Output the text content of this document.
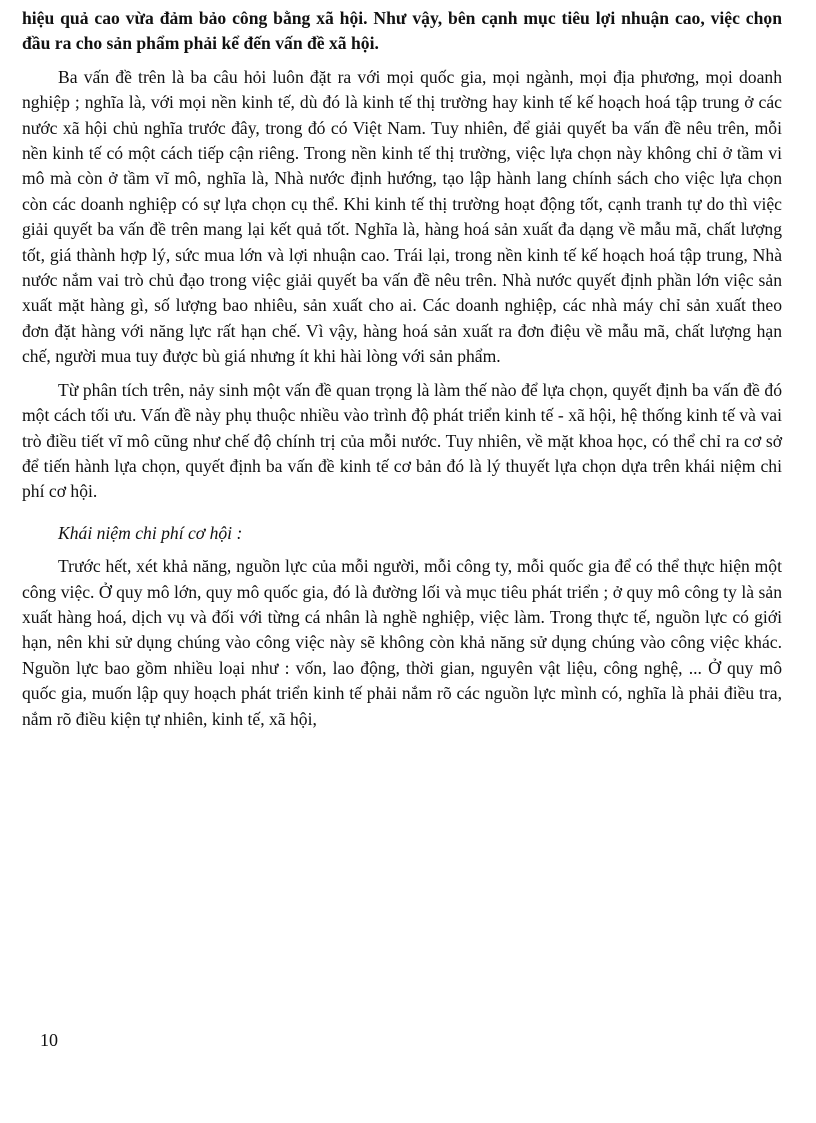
hiệu quả cao vừa đảm bảo công bằng xã hội. Như vậy, bên cạnh mục tiêu lợi nhuận cao, việc chọn đầu ra cho sản phẩm phải kể đến vấn đề xã hội.

Ba vấn đề trên là ba câu hỏi luôn đặt ra với mọi quốc gia, mọi ngành, mọi địa phương, mọi doanh nghiệp ; nghĩa là, với mọi nền kinh tế, dù đó là kinh tế thị trường hay kinh tế kế hoạch hoá tập trung ở các nước xã hội chủ nghĩa trước đây, trong đó có Việt Nam. Tuy nhiên, để giải quyết ba vấn đề nêu trên, mỗi nền kinh tế có một cách tiếp cận riêng. Trong nền kinh tế thị trường, việc lựa chọn này không chỉ ở tầm vi mô mà còn ở tầm vĩ mô, nghĩa là, Nhà nước định hướng, tạo lập hành lang chính sách cho việc lựa chọn còn các doanh nghiệp có sự lựa chọn cụ thể. Khi kinh tế thị trường hoạt động tốt, cạnh tranh tự do thì việc giải quyết ba vấn đề trên mang lại kết quả tốt. Nghĩa là, hàng hoá sản xuất đa dạng về mẫu mã, chất lượng tốt, giá thành hợp lý, sức mua lớn và lợi nhuận cao. Trái lại, trong nền kinh tế kế hoạch hoá tập trung, Nhà nước nắm vai trò chủ đạo trong việc giải quyết ba vấn đề nêu trên. Nhà nước quyết định phần lớn việc sản xuất mặt hàng gì, số lượng bao nhiêu, sản xuất cho ai. Các doanh nghiệp, các nhà máy chỉ sản xuất theo đơn đặt hàng với năng lực rất hạn chế. Vì vậy, hàng hoá sản xuất ra đơn điệu về mẫu mã, chất lượng hạn chế, người mua tuy được bù giá nhưng ít khi hài lòng với sản phẩm.

Từ phân tích trên, nảy sinh một vấn đề quan trọng là làm thế nào để lựa chọn, quyết định ba vấn đề đó một cách tối ưu. Vấn đề này phụ thuộc nhiều vào trình độ phát triển kinh tế - xã hội, hệ thống kinh tế và vai trò điều tiết vĩ mô cũng như chế độ chính trị của mỗi nước. Tuy nhiên, về mặt khoa học, có thể chỉ ra cơ sở để tiến hành lựa chọn, quyết định ba vấn đề kinh tế cơ bản đó là lý thuyết lựa chọn dựa trên khái niệm chi phí cơ hội.

Khái niệm chi phí cơ hội :

Trước hết, xét khả năng, nguồn lực của mỗi người, mỗi công ty, mỗi quốc gia để có thể thực hiện một công việc. Ở quy mô lớn, quy mô quốc gia, đó là đường lối và mục tiêu phát triển ; ở quy mô công ty là sản xuất hàng hoá, dịch vụ và đối với từng cá nhân là nghề nghiệp, việc làm. Trong thực tế, nguồn lực có giới hạn, nên khi sử dụng chúng vào công việc này sẽ không còn khả năng sử dụng chúng vào công việc khác. Nguồn lực bao gồm nhiều loại như : vốn, lao động, thời gian, nguyên vật liệu, công nghệ, ... Ở quy mô quốc gia, muốn lập quy hoạch phát triển kinh tế phải nắm rõ các nguồn lực mình có, nghĩa là phải điều tra, nắm rõ điều kiện tự nhiên, kinh tế, xã hội,

10
